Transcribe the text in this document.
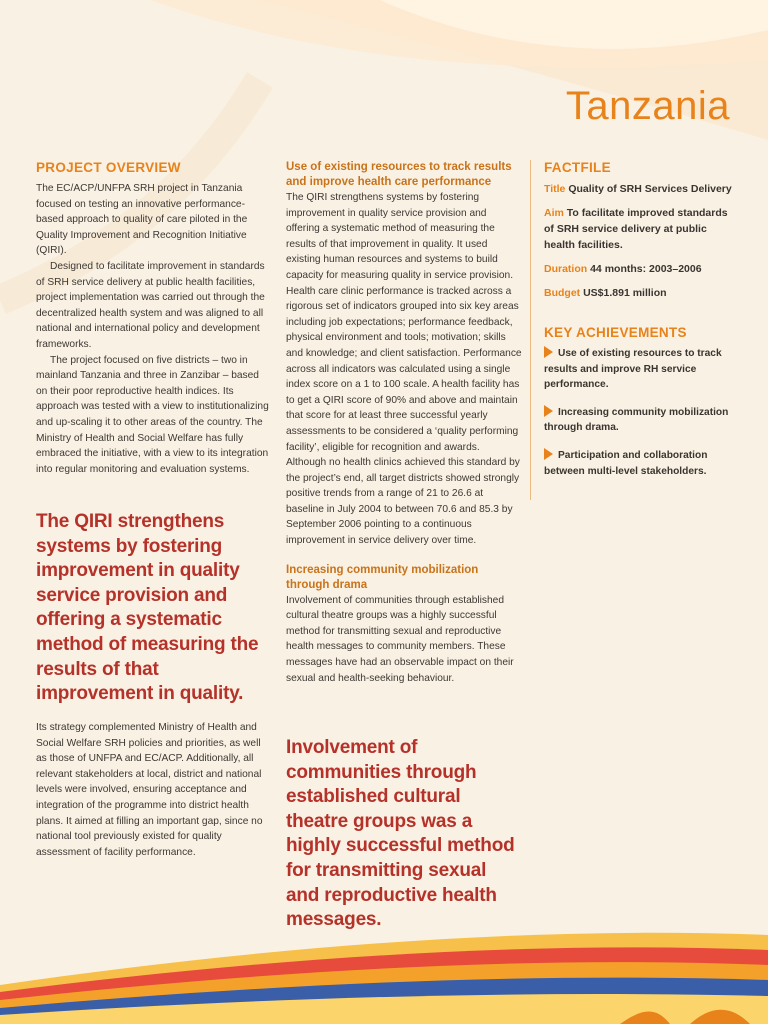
Tanzania
PROJECT OVERVIEW

The EC/ACP/UNFPA SRH project in Tanzania focused on testing an innovative performance-based approach to quality of care piloted in the Quality Improvement and Recognition Initiative (QIRI).

Designed to facilitate improvement in standards of SRH service delivery at public health facilities, project implementation was carried out through the decentralized health system and was aligned to all national and international policy and development frameworks.

The project focused on five districts – two in mainland Tanzania and three in Zanzibar – based on their poor reproductive health indices. Its approach was tested with a view to institutionalizing and up-scaling it to other areas of the country. The Ministry of Health and Social Welfare has fully embraced the initiative, with a view to its integration into regular monitoring and evaluation systems.

The QIRI strengthens systems by fostering improvement in quality service provision and offering a systematic method of measuring the results of that improvement in quality.

Its strategy complemented Ministry of Health and Social Welfare SRH policies and priorities, as well as those of UNFPA and EC/ACP. Additionally, all relevant stakeholders at local, district and national levels were involved, ensuring acceptance and integration of the programme into district health plans. It aimed at filling an important gap, since no national tool previously existed for quality assessment of facility performance.

Use of existing resources to track results and improve health care performance

The QIRI strengthens systems by fostering improvement in quality service provision and offering a systematic method of measuring the results of that improvement in quality. It used existing human resources and systems to build capacity for measuring quality in service provision. Health care clinic performance is tracked across a rigorous set of indicators grouped into six key areas including job expectations; performance feedback, physical environment and tools; motivation; skills and knowledge; and client satisfaction. Performance across all indicators was calculated using a single index score on a 1 to 100 scale. A health facility has to get a QIRI score of 90% and above and maintain that score for at least three successful yearly assessments to be considered a ‘quality performing facility’, eligible for recognition and awards. Although no health clinics achieved this standard by the project’s end, all target districts showed strongly positive trends from a range of 21 to 26.6 at baseline in July 2004 to between 70.6 and 85.3 by September 2006 pointing to a continuous improvement in service delivery over time.

Increasing community mobilization through drama

Involvement of communities through established cultural theatre groups was a highly successful method for transmitting sexual and reproductive health messages to community members. These messages have had an observable impact on their sexual and health-seeking behaviour.

Involvement of communities through established cultural theatre groups was a highly successful method for transmitting sexual and reproductive health messages.
FACTFILE

Title Quality of SRH Services Delivery

Aim To facilitate improved standards of SRH service delivery at public health facilities.

Duration 44 months: 2003–2006

Budget US$1.891 million

KEY ACHIEVEMENTS

Use of existing resources to track results and improve RH service performance.

Increasing community mobilization through drama.

Participation and collaboration between multi-level stakeholders.
